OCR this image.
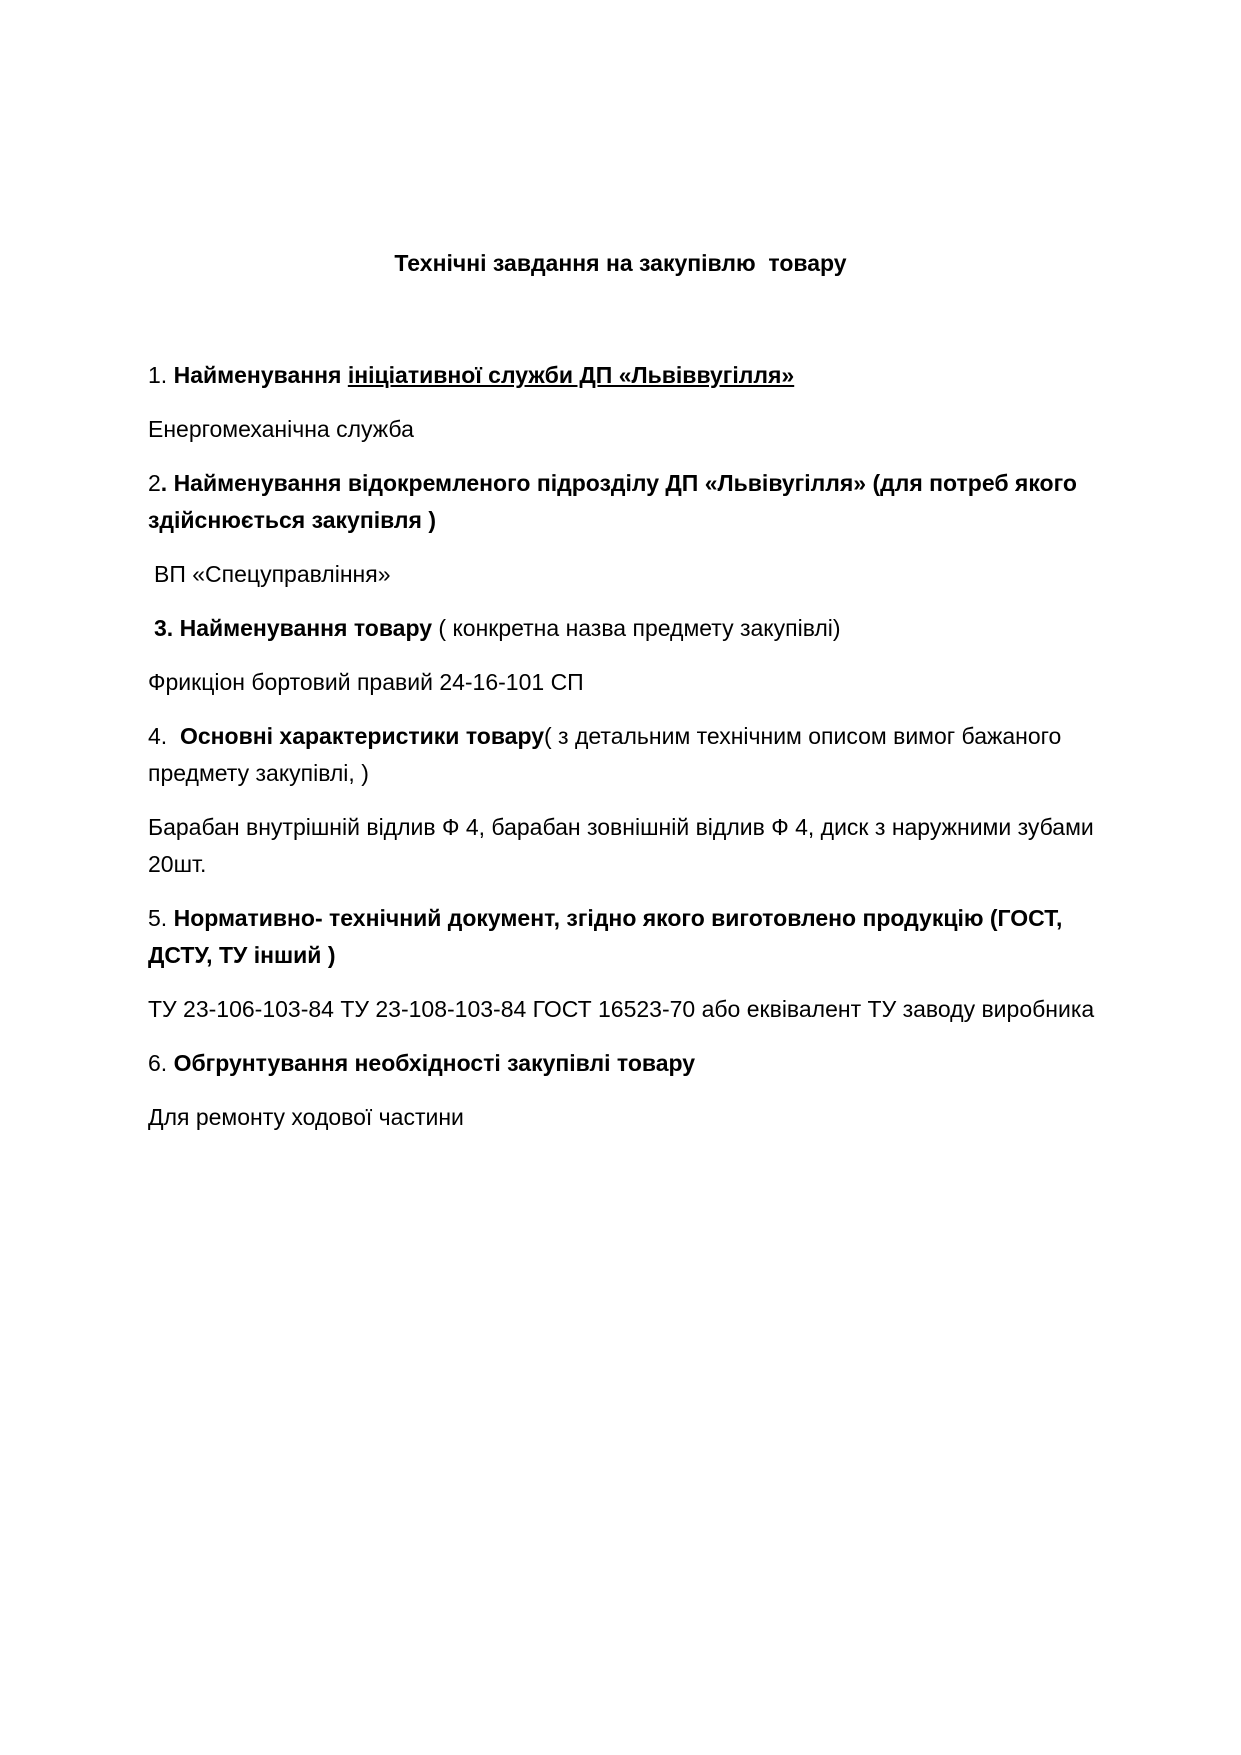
Технічні завдання на закупівлю  товару
1. Найменування ініціативної служби ДП «Львіввугілля»
Енергомеханічна служба
2. Найменування відокремленого підрозділу ДП «Львівугілля» (для потреб якого здійснюється закупівля )
ВП «Спецуправління»
3. Найменування товару ( конкретна назва предмету закупівлі)
Фрикціон бортовий правий 24-16-101 СП
4.  Основні характеристики товару( з детальним технічним описом вимог бажаного предмету закупівлі, )
Барабан внутрішній відлив Ф 4, барабан зовнішній відлив Ф 4, диск з наружними зубами 20шт.
5. Нормативно- технічний документ, згідно якого виготовлено продукцію (ГОСТ, ДСТУ, ТУ інший )
ТУ 23-106-103-84 ТУ 23-108-103-84 ГОСТ 16523-70 або еквівалент ТУ заводу виробника
6. Обгрунтування необхідності закупівлі товару
Для ремонту ходової частини
